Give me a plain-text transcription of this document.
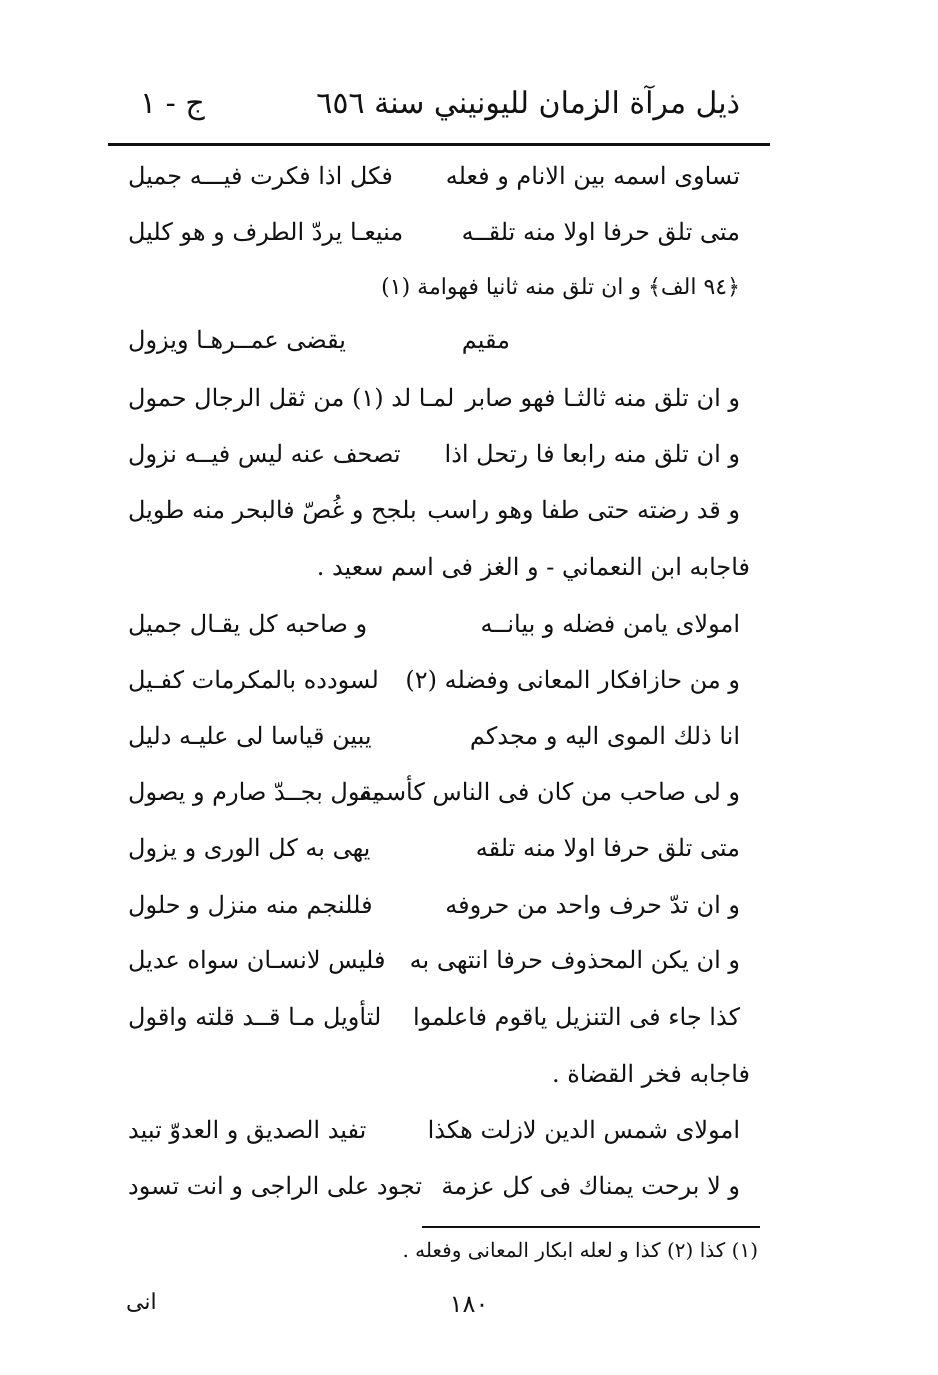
ذيل مرآة الزمان لليونيني سنة ٦٥٦
ج - ١
تساوى اسمه بين الانام و فعله
فكل اذا فكرت فيـــه جميل
متى تلق حرفا اولا منه تلقــه
منيعـا يردّ الطرف و هو كليل
﴿٩٤ الف﴾ و ان تلق منه ثانيا فهوامة (١)
مقيم
يقضى عمــرهـا ويزول
و ان تلق منه ثالثـا فهو صابر
لمـا لد (١) من ثقل الرجال حمول
و ان تلق منه رابعا فا رتحل اذا
تصحف عنه ليس فيــه نزول
و قد رضته حتى طفا وهو راسب
بلجح و غُصّ فالبحر منه طويل
فاجابه ابن النعماني - و الغز فى اسم سعيد .
امولاى يامن فضله و بيانــه
و صاحبه كل يقـال جميل
و من حازافكار المعانى وفضله (٢)
لسودده بالمكرمات كفـيل
انا ذلك الموى اليه و مجدكم
يبين قياسا لى عليـه دليل
و لى صاحب من كان فى الناس كأسمه
يقول بجــدّ صارم و يصول
متى تلق حرفا اولا منه تلقه
يهى به كل الورى و يزول
و ان تدّ حرف واحد من حروفه
فللنجم منه منزل و حلول
و ان يكن المحذوف حرفا انتهى به
فليس لانسـان سواه عديل
كذا جاء فى التنزيل ياقوم فاعلموا
لتأويل مـا قــد قلته واقول
فاجابه فخر القضاة .
امولاى شمس الدين لازلت هكذا
تفيد الصديق و العدوّ تبيد
و لا برحت يمناك فى كل عزمة
تجود على الراجى و انت تسود
(١) كذا (٢) كذا و لعله ابكار المعانى وفعله .
١٨٠
انى
